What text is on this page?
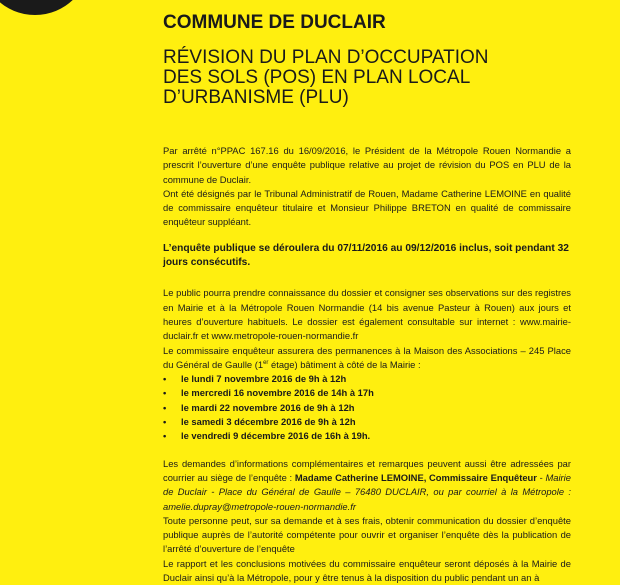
COMMUNE DE DUCLAIR
RÉVISION DU PLAN D’OCCUPATION
DES SOLS (POS) EN PLAN LOCAL
D’URBANISME (PLU)

Par arrêté n°PPAC 167.16 du 16/09/2016, le Président de la Métropole Rouen Normandie a prescrit l’ouverture d’une enquête publique relative au projet de révision du POS en PLU de la commune de Duclair.

Ont été désignés par le Tribunal Administratif de Rouen, Madame Catherine LEMOINE en qualité de commissaire enquêteur titulaire et Monsieur Philippe BRETON en qualité de commissaire enquêteur suppléant.

L’enquête publique se déroulera du 07/11/2016 au 09/12/2016 inclus, soit pendant 32 jours consécutifs.

Le public pourra prendre connaissance du dossier et consigner ses observations sur des registres en Mairie et à la Métropole Rouen Normandie (14 bis avenue Pasteur à Rouen) aux jours et heures d’ouverture habituels. Le dossier est également consultable sur internet : www.mairie-duclair.fr et www.metropole-rouen-normandie.fr

Le commissaire enquêteur assurera des permanences à la Maison des Associations – 245 Place du Général de Gaulle (1er étage) bâtiment à côté de la Mairie :

• le lundi 7 novembre 2016 de 9h à 12h
• le mercredi 16 novembre 2016 de 14h à 17h
• le mardi 22 novembre 2016 de 9h à 12h
• le samedi 3 décembre 2016 de 9h à 12h
• le vendredi 9 décembre 2016 de 16h à 19h.

Les demandes d’informations complémentaires et remarques peuvent aussi être adressées par courrier au siège de l’enquête : Madame Catherine LEMOINE, Commissaire Enquêteur - Mairie de Duclair - Place du Général de Gaulle – 76480 DUCLAIR, ou par courriel à la Métropole : amelie.dupray@metropole-rouen-normandie.fr

Toute personne peut, sur sa demande et à ses frais, obtenir communication du dossier d’enquête publique auprès de l’autorité compétente pour ouvrir et organiser l’enquête dès la publication de l’arrêté d’ouverture de l’enquête

Le rapport et les conclusions motivées du commissaire enquêteur seront déposés à la Mairie de Duclair ainsi qu’à la Métropole, pour y être tenus à la disposition du public pendant un an à
